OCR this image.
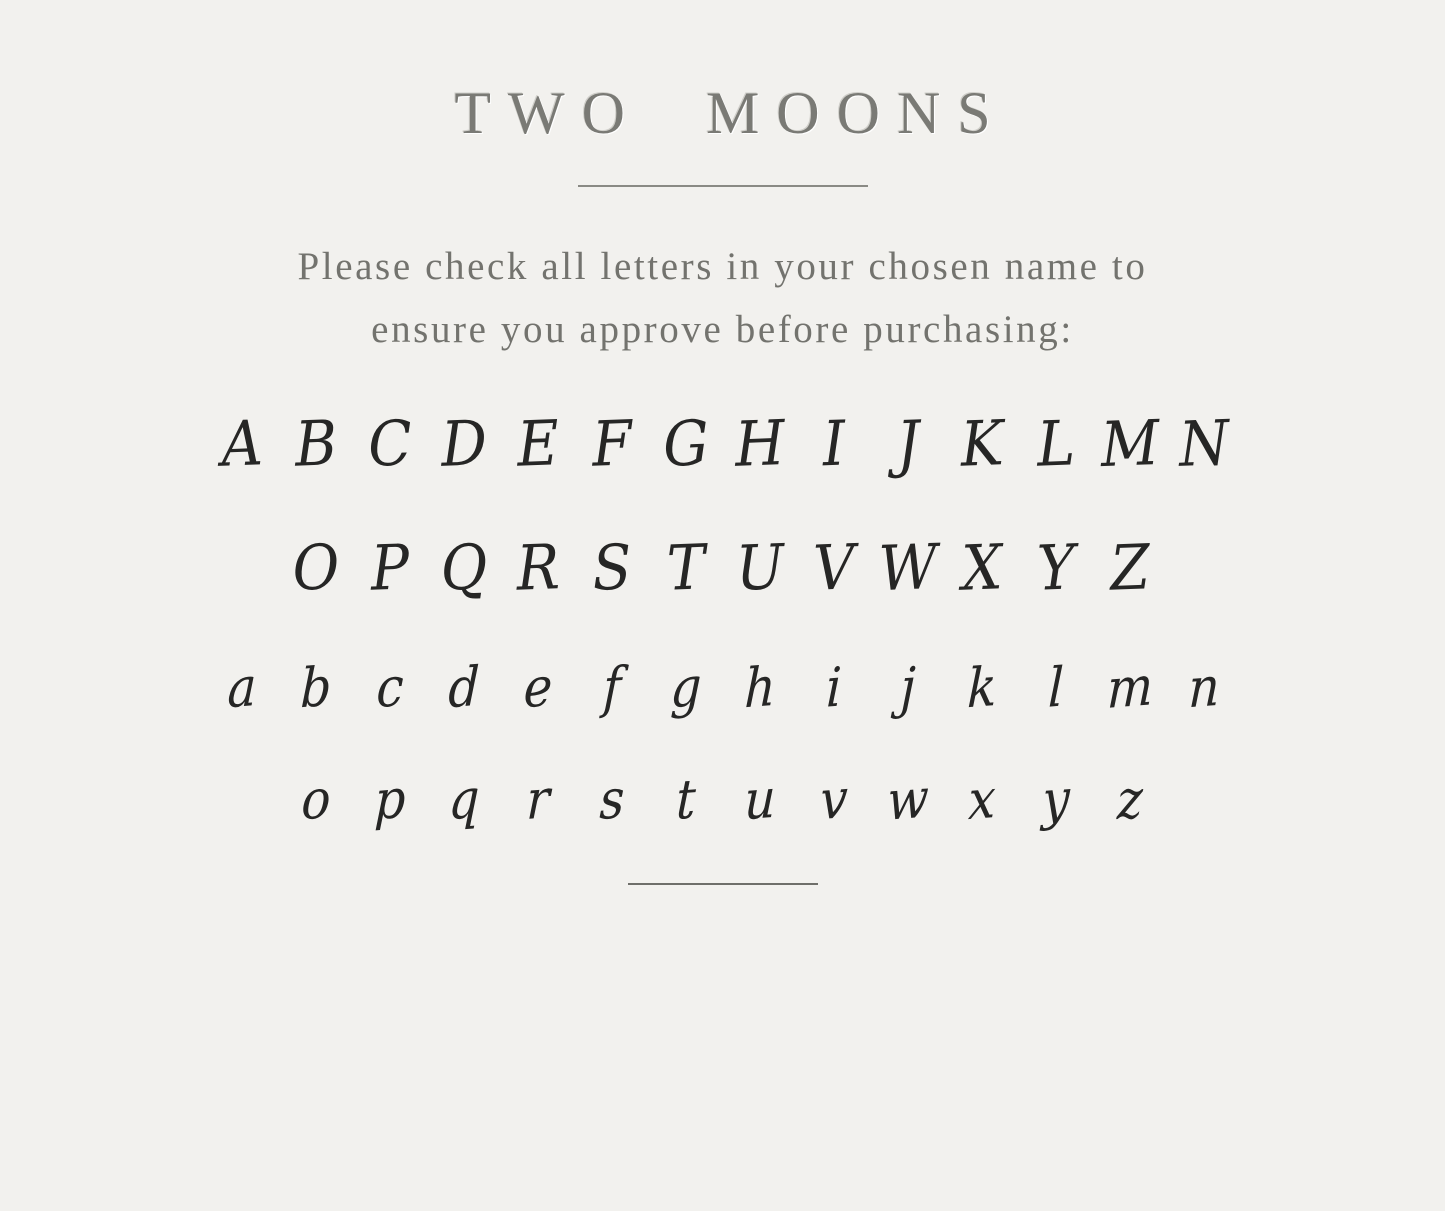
TWO  MOONS
Please check all letters in your chosen name to
ensure you approve before purchasing:
A B C D E F G H I J K L M N
O P Q R S T U V W X Y Z
a b c d e f g h i	j k l m n
o p q r s t u v w x y z
